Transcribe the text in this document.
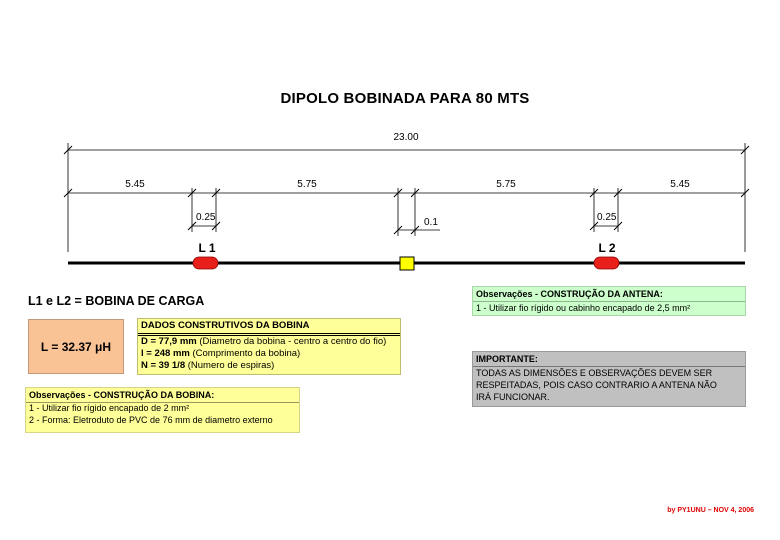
DIPOLO BOBINADA PARA 80 MTS
23.00
5.45	5.75	5.75	5.45
0.25	0.1	0.25
L 1	L 2
L1 e L2 = BOBINA DE CARGA
L = 32.37 μH
DADOS CONSTRUTIVOS DA BOBINA
D = 77,9 mm (Diametro da bobina - centro a centro do fio)
l = 248 mm (Comprimento da bobina)
N = 39 1/8 (Numero de espiras)
Observações - CONSTRUÇÃO DA BOBINA:
1 - Utilizar fio rígido encapado de 2 mm²
2 - Forma: Eletroduto de PVC de 76 mm de diametro externo
Observações - CONSTRUÇÃO DA ANTENA:
1 - Utilizar fio rígido ou cabinho encapado de 2,5 mm²
IMPORTANTE:
TODAS AS DIMENSÕES E OBSERVAÇÕES DEVEM SER
RESPEITADAS, POIS CASO CONTRARIO A ANTENA NÃO
IRÁ FUNCIONAR.
by PY1UNU – NOV 4, 2006
